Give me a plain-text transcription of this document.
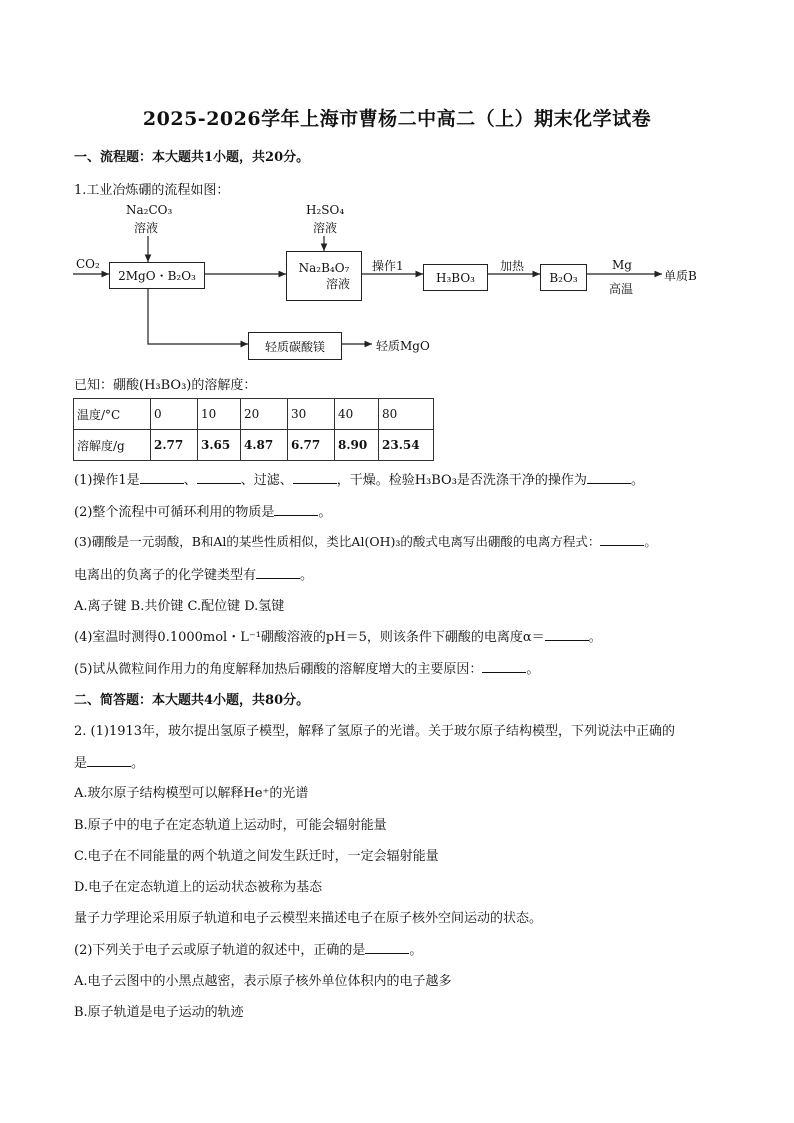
2025-2026学年上海市曹杨二中高二（上）期末化学试卷
一、流程题：本大题共1小题，共20分。
1.工业冶炼硼的流程如图：
Na₂CO₃
溶液
H₂SO₄
溶液
CO₂
2MgO・B₂O₃
Na₂B₄O₇
溶液
操作1
H₃BO₃
加热
B₂O₃
Mg
高温
单质B
轻质碳酸镁	轻质MgO
已知：硼酸(H₃BO₃)的溶解度：
温度/°C	0	10	20	30	40	80
溶解度/g	2.77	3.65	4.87	6.77	8.90	23.54
(1)操作1是	、	、过滤、	，干燥。检验H₃BO₃是否洗涤干净的操作为	。
(2)整个流程中可循环利用的物质是	。
(3)硼酸是一元弱酸，B和Al的某些性质相似，类比Al(OH)₃的酸式电离写出硼酸的电离方程式：	。
电离出的负离子的化学键类型有	。
A.离子键 B.共价键 C.配位键 D.氢键
(4)室温时测得0.1000mol・L⁻¹硼酸溶液的pH＝5，则该条件下硼酸的电离度α＝	。
(5)试从微粒间作用力的角度解释加热后硼酸的溶解度增大的主要原因：	。
二、简答题：本大题共4小题，共80分。
2. (1)1913年，玻尔提出氢原子模型，解释了氢原子的光谱。关于玻尔原子结构模型，下列说法中正确的
是	。
A.玻尔原子结构模型可以解释He⁺的光谱
B.原子中的电子在定态轨道上运动时，可能会辐射能量
C.电子在不同能量的两个轨道之间发生跃迁时，一定会辐射能量
D.电子在定态轨道上的运动状态被称为基态
量子力学理论采用原子轨道和电子云模型来描述电子在原子核外空间运动的状态。
(2)下列关于电子云或原子轨道的叙述中，正确的是	。
A.电子云图中的小黑点越密，表示原子核外单位体积内的电子越多
B.原子轨道是电子运动的轨迹
